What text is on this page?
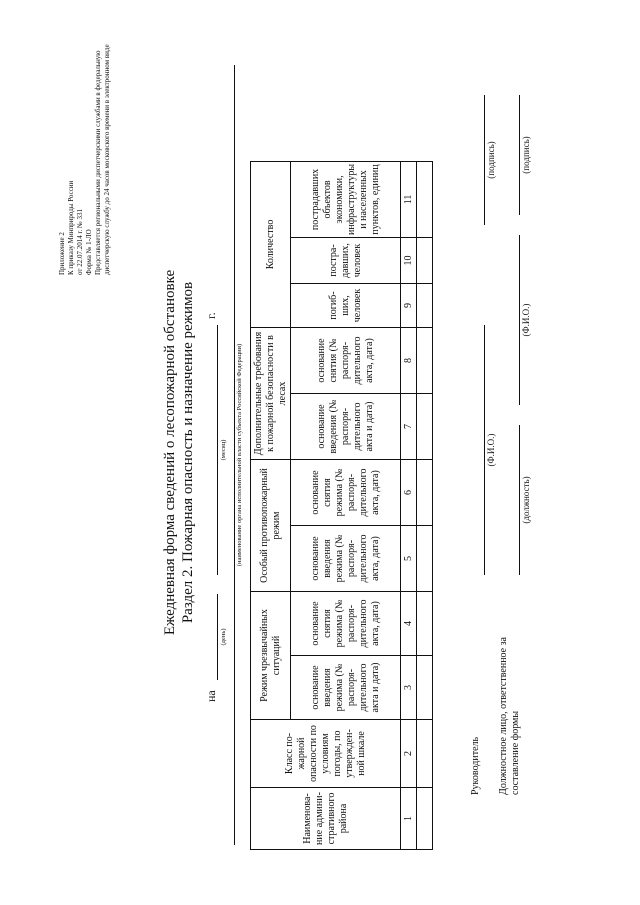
Приложение 2 К приказу Минприроды России от 22.07.2014 г. № 331 Форма № 1-ЛО Представляется региональными диспетчерскими службами в федеральную диспетчерскую службу до 24 часов московского времени в электронном виде
Ежедневная форма сведений о лесопожарной обстановке Раздел 2. Пожарная опасность и назначение режимов
на
(день)
(месяц)
г.
(наименование органа исполнительной власти субъекта Российской Федерации)
Наименова-ние админи-стративного района	Класс по-жарной опасности по условиям погоды, по утвержден-ной шкале	Режим чрезвычайных ситуаций		Особый противопожарный режим		Дополнительные требования к пожарной безопасности в лесах		Количество		
		основание введения режима (№ распоря-дительного акта и дата)	основание снятия режима (№ распоря-дительного акта, дата)	основание введения режима (№ распоря-дительного акта, дата)	основание снятия режима (№ распоря-дительного акта, дата)	основание введения (№ распоря-дительного акта и дата)	основание снятия (№ распоря-дительного акта, дата)	погиб-ших, человек	постра-давших, человек	пострадавших объектов экономики, инфраструктуры и населенных пунктов, единиц
1	2	3	4	5	6	7	8	9	10	11

Руководитель
(Ф.И.О.)
(подпись)
Должностное лицо, ответственное за составление формы
(должность)
(Ф.И.О.)
(подпись)
